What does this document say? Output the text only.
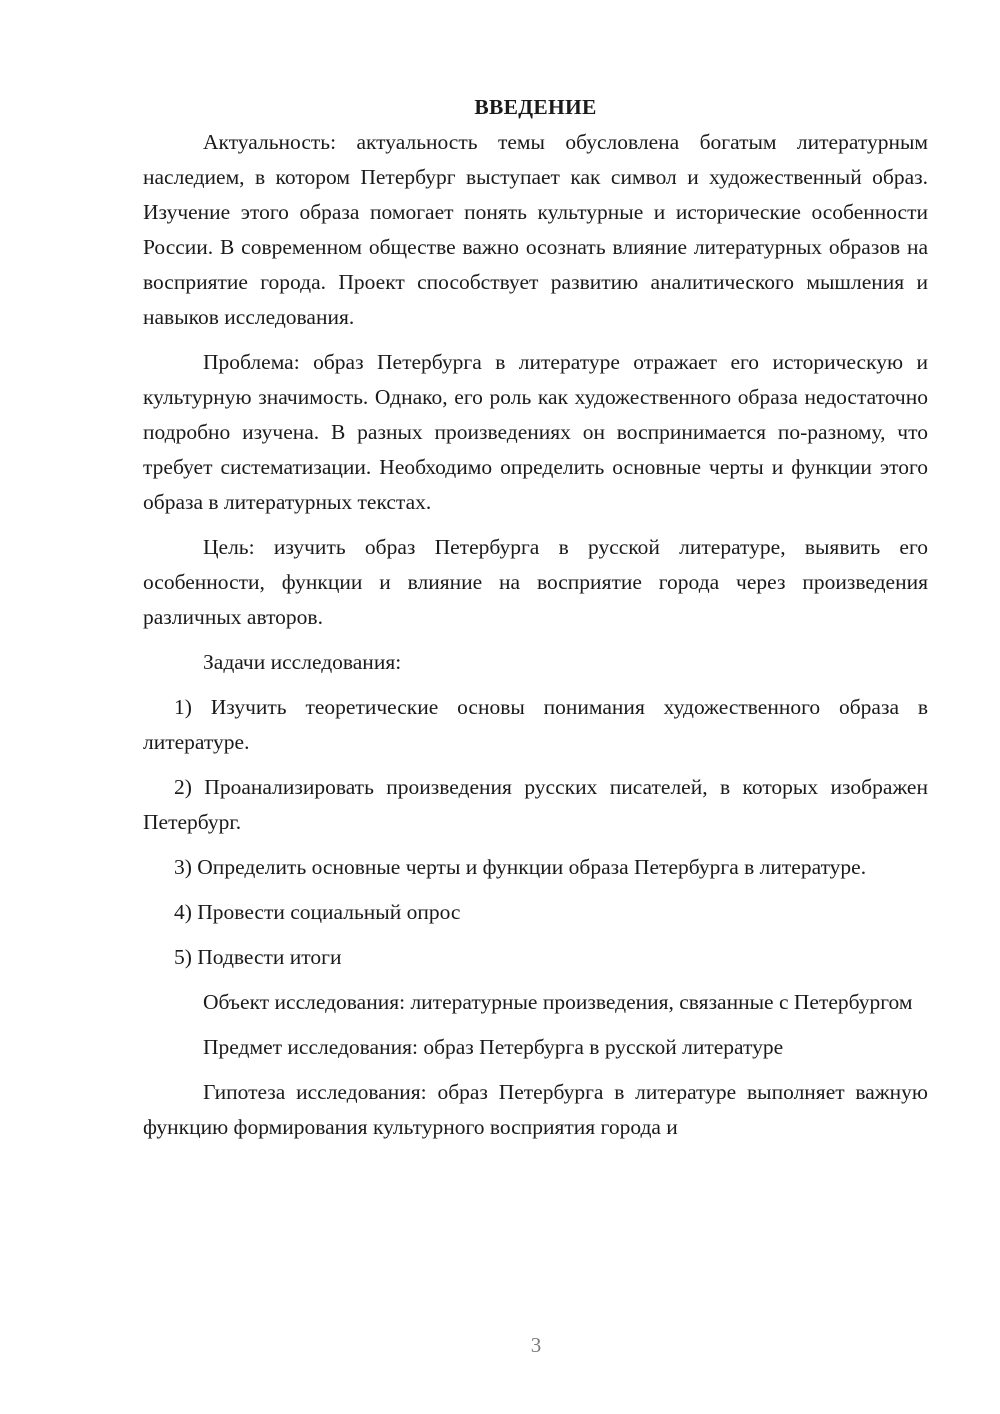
ВВЕДЕНИЕ

Актуальность: актуальность темы обусловлена богатым литературным наследием, в котором Петербург выступает как символ и художественный образ. Изучение этого образа помогает понять культурные и исторические особенности России. В современном обществе важно осознать влияние литературных образов на восприятие города. Проект способствует развитию аналитического мышления и навыков исследования.

Проблема: образ Петербурга в литературе отражает его историческую и культурную значимость. Однако, его роль как художественного образа недостаточно подробно изучена. В разных произведениях он воспринимается по-разному, что требует систематизации. Необходимо определить основные черты и функции этого образа в литературных текстах.

Цель: изучить образ Петербурга в русской литературе, выявить его особенности, функции и влияние на восприятие города через произведения различных авторов.

Задачи исследования:

1) Изучить теоретические основы понимания художественного образа в литературе.

2) Проанализировать произведения русских писателей, в которых изображен Петербург.

3) Определить основные черты и функции образа Петербурга в литературе.

4) Провести социальный опрос

5) Подвести итоги

Объект исследования: литературные произведения, связанные с Петербургом

Предмет исследования: образ Петербурга в русской литературе

Гипотеза исследования: образ Петербурга в литературе выполняет важную функцию формирования культурного восприятия города и

3
